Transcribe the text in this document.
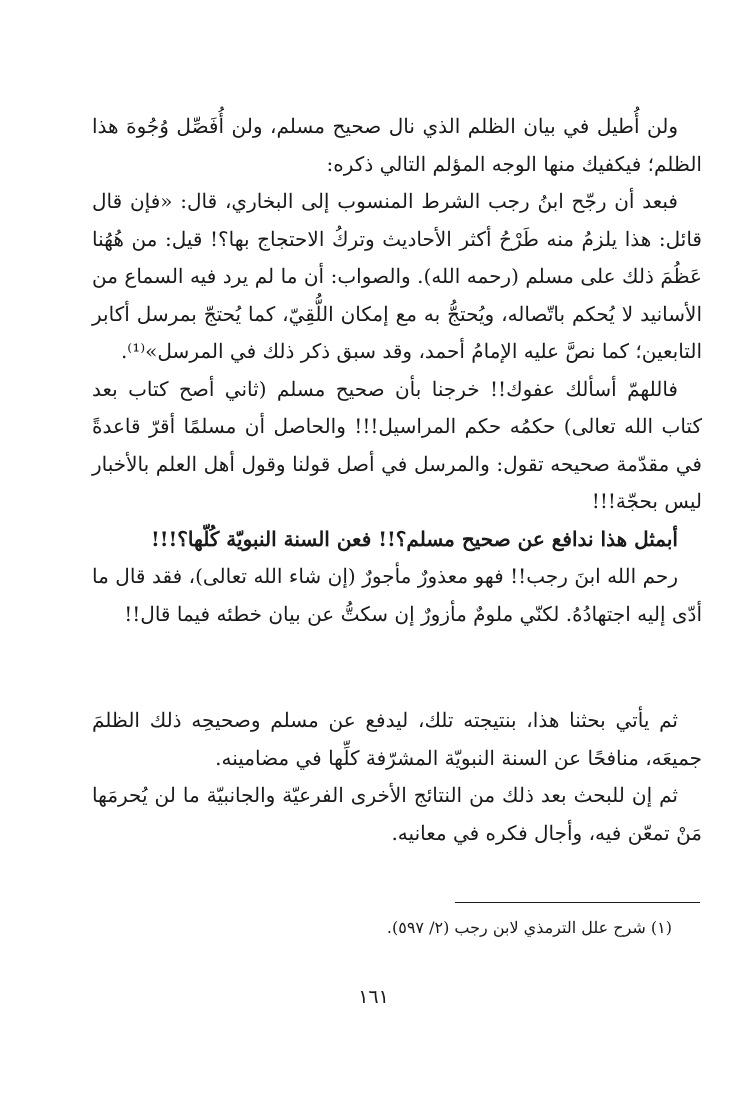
ولن أُطيل في بيان الظلم الذي نال صحيح مسلم، ولن أُفَصِّل وُجُوهَ هذا الظلم؛ فيكفيك منها الوجه المؤلم التالي ذكره:

فبعد أن رجّح ابنُ رجب الشرط المنسوب إلى البخاري، قال: «فإن قال قائل: هذا يلزمُ منه طَرْحُ أكثر الأحاديث وتركُ الاحتجاج بها؟! قيل: من هُهُنا عَظُمَ ذلك على مسلم (رحمه الله). والصواب: أن ما لم يرد فيه السماع من الأسانيد لا يُحكم باتّصاله، ويُحتجُّ به مع إمكان اللُّقِيّ، كما يُحتجّ بمرسل أكابر التابعين؛ كما نصَّ عليه الإمامُ أحمد، وقد سبق ذكر ذلك في المرسل»⁽¹⁾.

فاللهمّ أسألك عفوك!! خرجنا بأن صحيح مسلم (ثاني أصح كتاب بعد كتاب الله تعالى) حكمُه حكم المراسيل!!! والحاصل أن مسلمًا أقرّ قاعدةً في مقدّمة صحيحه تقول: والمرسل في أصل قولنا وقول أهل العلم بالأخبار ليس بحجّة!!!

أبمثل هذا ندافع عن صحيح مسلم؟!! فعن السنة النبويّة كُلّها؟!!!

رحم الله ابنَ رجب!! فهو معذورٌ مأجورٌ (إن شاء الله تعالى)، فقد قال ما أدّى إليه اجتهادُهُ. لكنّي ملومٌ مأزورٌ إن سكتُّ عن بيان خطئه فيما قال!!

ثم يأتي بحثنا هذا، بنتيجته تلك، ليدفع عن مسلم وصحيحِه ذلك الظلمَ جميعَه، منافحًا عن السنة النبويّة المشرّفة كلِّها في مضامينه.

ثم إن للبحث بعد ذلك من النتائج الأخرى الفرعيّة والجانبيّة ما لن يُحرمَها مَنْ تمعّن فيه، وأجال فكره في معانيه.

(١) شرح علل الترمذي لابن رجب (٢/ ٥٩٧).

١٦١
